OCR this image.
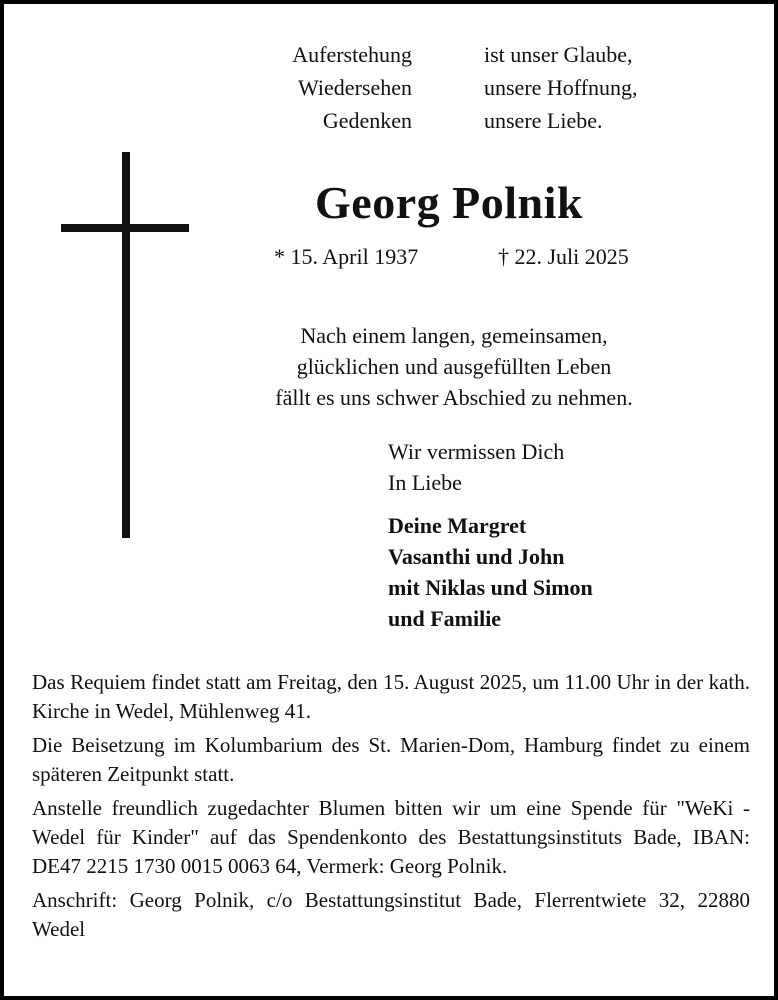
Auferstehung
Wiedersehen
Gedenken
ist unser Glaube,
unsere Hoffnung,
unsere Liebe.
Georg Polnik
* 15. April 1937	† 22. Juli 2025
Nach einem langen, gemeinsamen,
glücklichen und ausgefüllten Leben
fällt es uns schwer Abschied zu nehmen.
Wir vermissen Dich
In Liebe
Deine Margret
Vasanthi und John
mit Niklas und Simon
und Familie

Das Requiem findet statt am Freitag, den 15. August 2025, um 11.00 Uhr in der kath. Kirche in Wedel, Mühlenweg 41.

Die Beisetzung im Kolumbarium des St. Marien-Dom, Hamburg findet zu einem späteren Zeitpunkt statt.

Anstelle freundlich zugedachter Blumen bitten wir um eine Spende für "WeKi - Wedel für Kinder" auf das Spendenkonto des Bestattungsinstituts Bade, IBAN: DE47 2215 1730 0015 0063 64, Vermerk: Georg Polnik.

Anschrift: Georg Polnik, c/o Bestattungsinstitut Bade, Flerrentwiete 32, 22880 Wedel
